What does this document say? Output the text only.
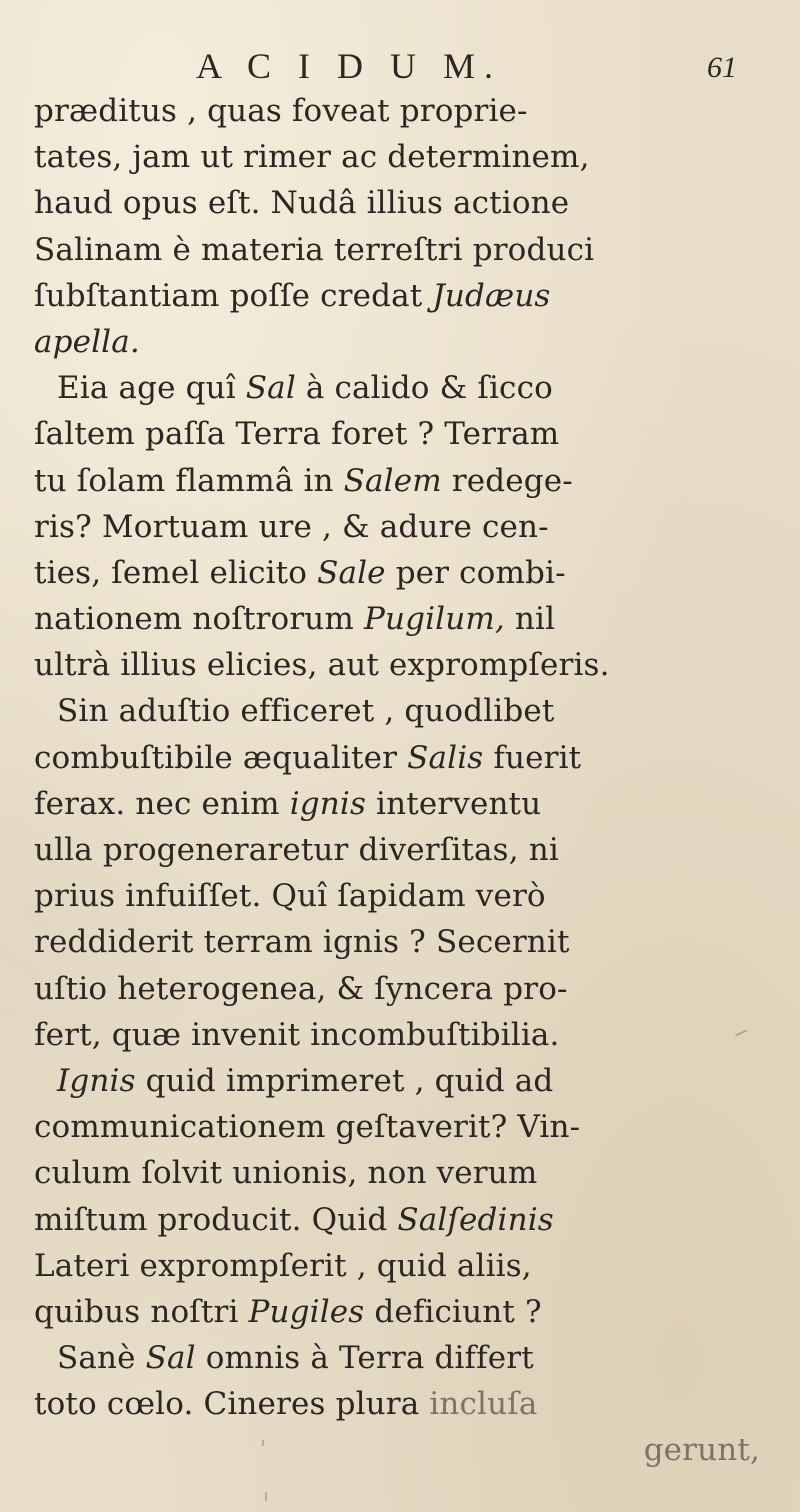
A C I D U M.	61
præditus , quas foveat proprie-
tates, jam ut rimer ac determinem,
haud opus eſt. Nudâ illius actione
Salinam è materia terreſtri produci
ſubſtantiam poſſe credat Judæus
apella.
Eia age quî Sal à calido & ſicco
ſaltem paſſa Terra foret ? Terram
tu ſolam flammâ in Salem redege-
ris? Mortuam ure , & adure cen-
ties, ſemel elicito Sale per combi-
nationem noſtrorum Pugilum, nil
ultrà illius elicies, aut exprompſeris.
Sin aduſtio efficeret , quodlibet
combuſtibile æqualiter Salis fuerit
ferax. nec enim ignis interventu
ulla progeneraretur diverſitas, ni
prius infuiſſet. Quî ſapidam verò
reddiderit terram ignis ? Secernit
uſtio heterogenea, & ſyncera pro-
fert, quæ invenit incombuſtibilia.
Ignis quid imprimeret , quid ad
communicationem geſtaverit? Vin-
culum ſolvit unionis, non verum
miſtum producit. Quid Salſedinis
Lateri exprompſerit , quid aliis,
quibus noſtri Pugiles deficiunt ?
Sanè Sal omnis à Terra differt
toto cœlo. Cineres plura incluſa
gerunt,
